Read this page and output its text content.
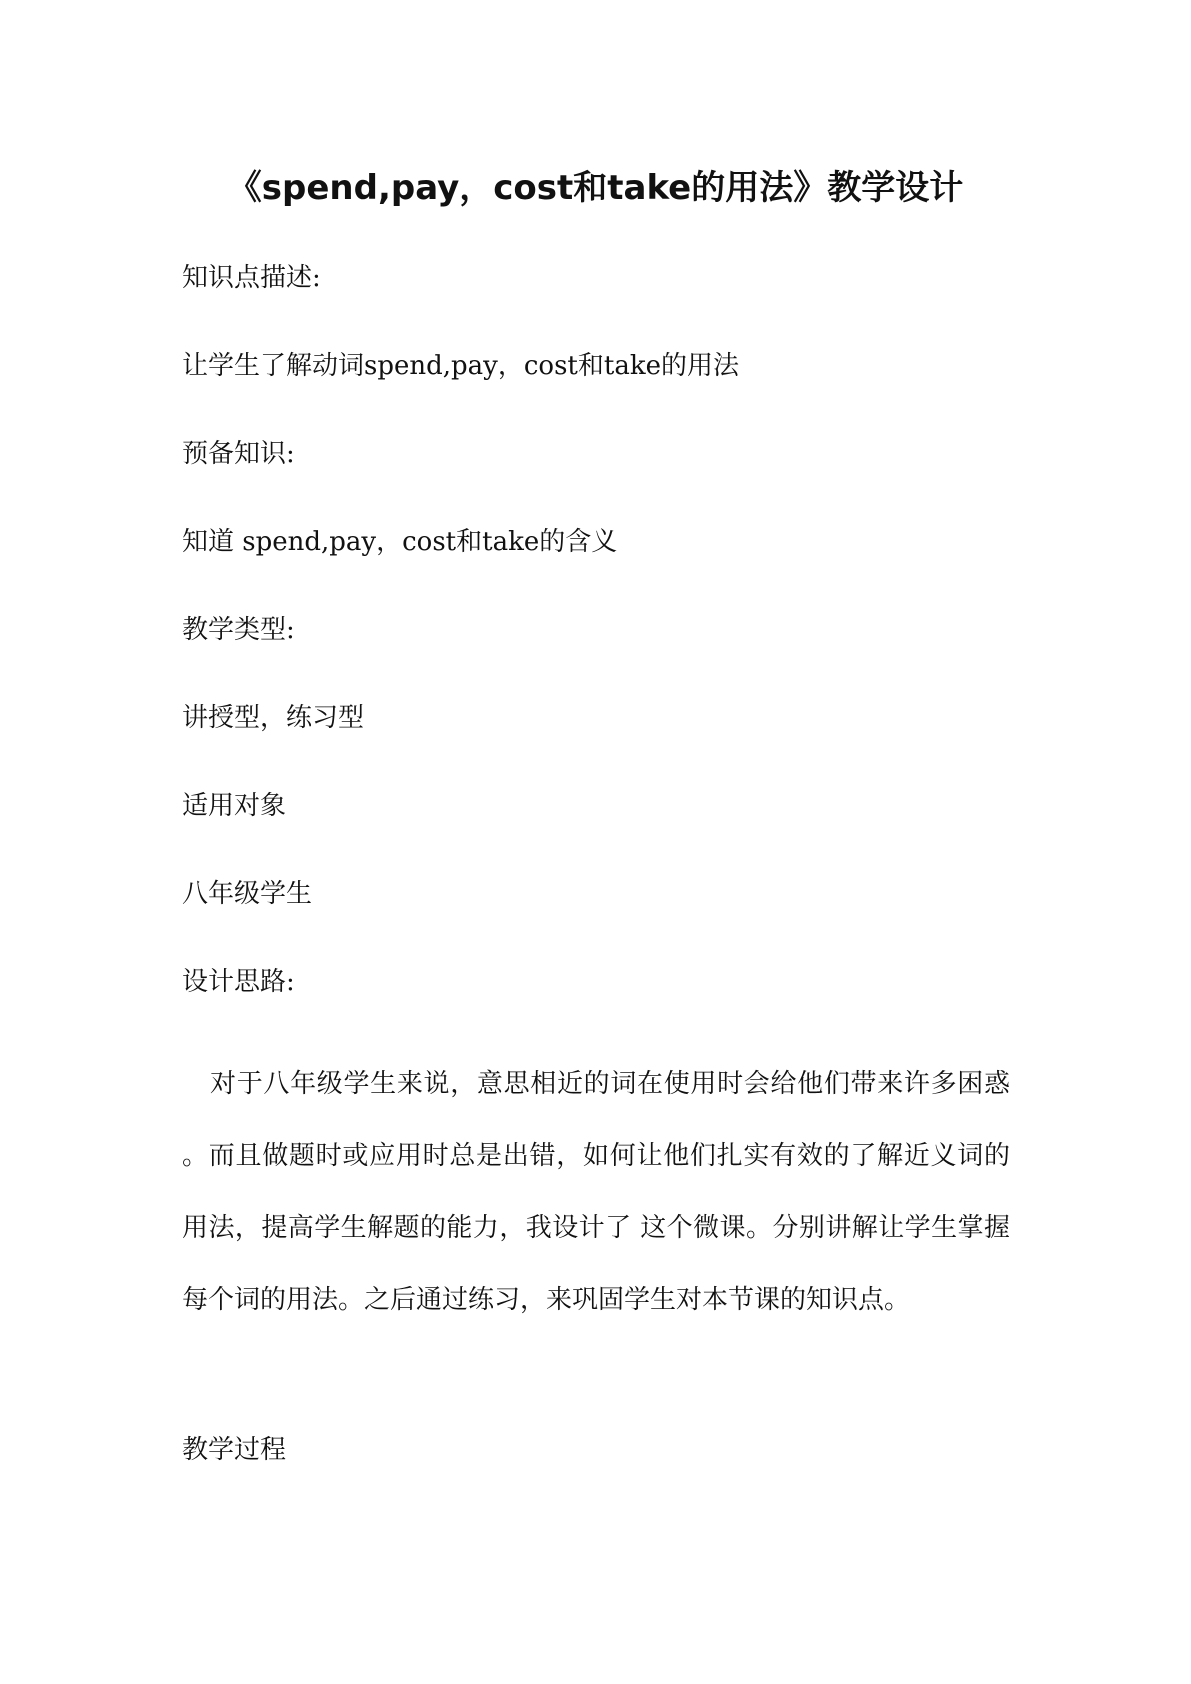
《spend,pay，cost和take的用法》教学设计

知识点描述:

让学生了解动词spend,pay，cost和take的用法

预备知识:

知道 spend,pay，cost和take的含义

教学类型:

讲授型，练习型

适用对象

八年级学生

设计思路:

对于八年级学生来说，意思相近的词在使用时会给他们带来许多困惑 。而且做题时或应用时总是出错，如何让他们扎实有效的了解近义词的用法，提高学生解题的能力，我设计了 这个微课。分别讲解让学生掌握每个词的用法。之后通过练习，来巩固学生对本节课的知识点。

教学过程
